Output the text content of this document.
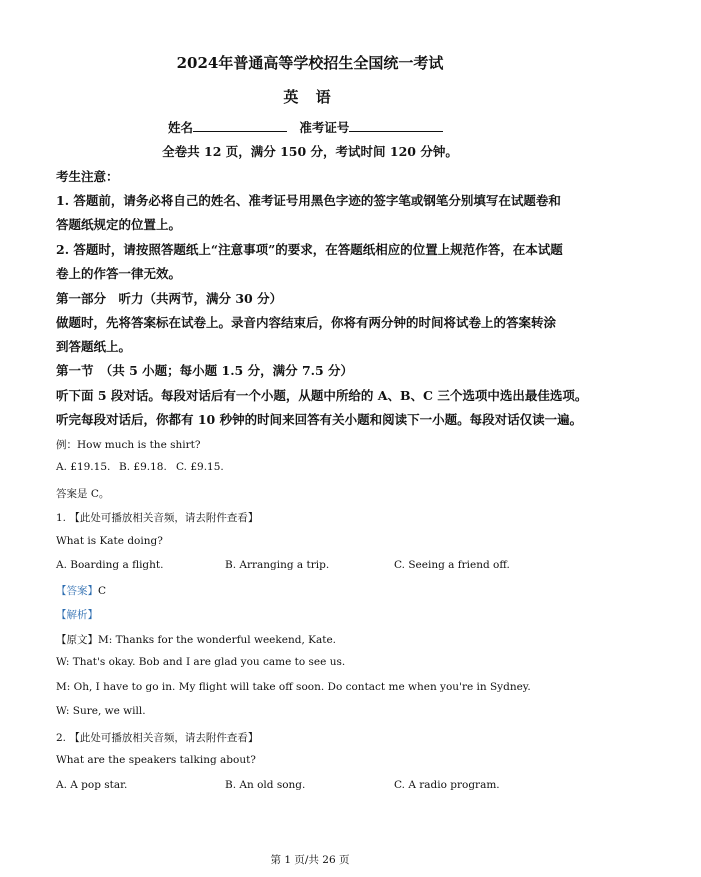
2024年普通高等学校招生全国统一考试
英 语
姓名	准考证号
全卷共 12 页，满分 150 分，考试时间 120 分钟。
考生注意：
1. 答题前，请务必将自己的姓名、准考证号用黑色字迹的签字笔或钢笔分别填写在试题卷和
答题纸规定的位置上。
2. 答题时，请按照答题纸上“注意事项”的要求，在答题纸相应的位置上规范作答，在本试题
卷上的作答一律无效。
第一部分　听力（共两节，满分 30 分）
做题时，先将答案标在试卷上。录音内容结束后，你将有两分钟的时间将试卷上的答案转涂
到答题纸上。
第一节　（共 5 小题；每小题 1.5 分，满分 7.5 分）
听下面 5 段对话。每段对话后有一个小题，从题中所给的 A、B、C 三个选项中选出最佳选项。
听完每段对话后，你都有 10 秒钟的时间来回答有关小题和阅读下一小题。每段对话仅读一遍。
例：How much is the shirt?
A. £19.15. B. £9.18. C. £9.15.
答案是 C。
1. 【此处可播放相关音频，请去附件查看】
What is Kate doing?
A. Boarding a flight.	B. Arranging a trip.	C. Seeing a friend off.
【答案】C
【解析】
【原文】M: Thanks for the wonderful weekend, Kate.
W: That's okay. Bob and I are glad you came to see us.
M: Oh, I have to go in. My flight will take off soon. Do contact me when you're in Sydney.
W: Sure, we will.
2. 【此处可播放相关音频，请去附件查看】
What are the speakers talking about?
A. A pop star.	B. An old song.	C. A radio program.
第 1 页/共 26 页
